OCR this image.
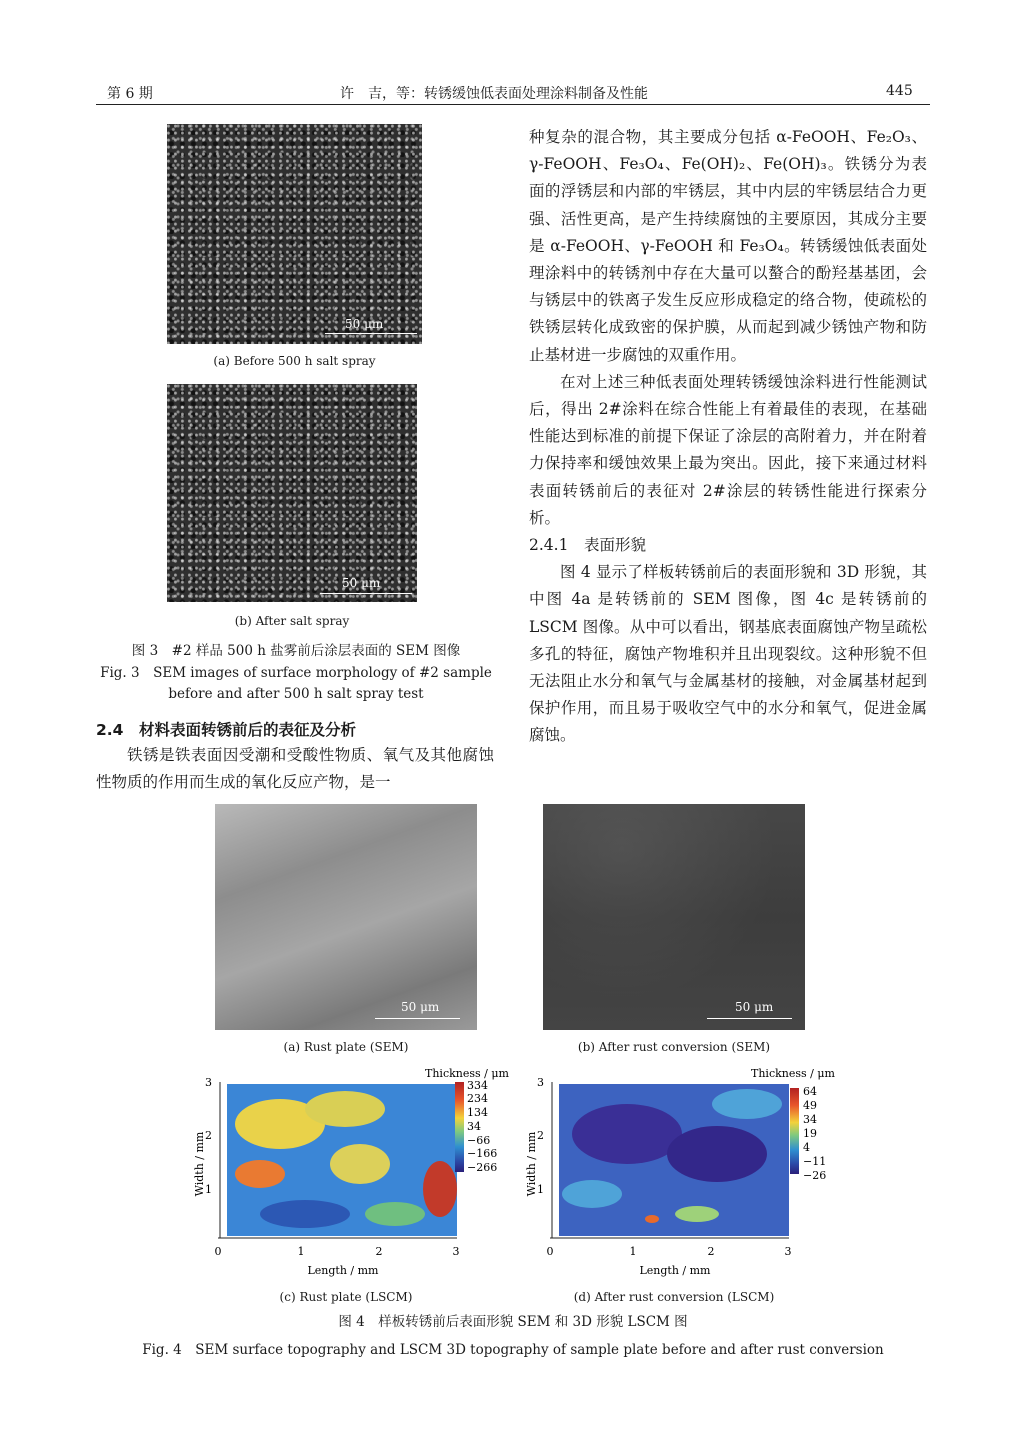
第 6 期	许　吉，等：转锈缓蚀低表面处理涂料制备及性能	445
50 μm
(a) Before 500 h salt spray
50 μm
(b) After salt spray
图 3　#2 样品 500 h 盐雾前后涂层表面的 SEM 图像
Fig. 3　SEM images of surface morphology of #2 sample
before and after 500 h salt spray test
2.4　材料表面转锈前后的表征及分析
铁锈是铁表面因受潮和受酸性物质、氧气及其他腐蚀性物质的作用而生成的氧化反应产物，是一

种复杂的混合物，其主要成分包括 α-FeOOH、Fe₂O₃、γ-FeOOH、Fe₃O₄、Fe(OH)₂、Fe(OH)₃。铁锈分为表面的浮锈层和内部的牢锈层，其中内层的牢锈层结合力更强、活性更高，是产生持续腐蚀的主要原因，其成分主要是 α-FeOOH、γ-FeOOH 和 Fe₃O₄。转锈缓蚀低表面处理涂料中的转锈剂中存在大量可以螯合的酚羟基基团，会与锈层中的铁离子发生反应形成稳定的络合物，使疏松的铁锈层转化成致密的保护膜，从而起到减少锈蚀产物和防止基材进一步腐蚀的双重作用。

在对上述三种低表面处理转锈缓蚀涂料进行性能测试后，得出 2#涂料在综合性能上有着最佳的表现，在基础性能达到标准的前提下保证了涂层的高附着力，并在附着力保持率和缓蚀效果上最为突出。因此，接下来通过材料表面转锈前后的表征对 2#涂层的转锈性能进行探索分析。

2.4.1　表面形貌

图 4 显示了样板转锈前后的表面形貌和 3D 形貌，其中图 4a 是转锈前的 SEM 图像，图 4c 是转锈前的 LSCM 图像。从中可以看出，钢基底表面腐蚀产物呈疏松多孔的特征，腐蚀产物堆积并且出现裂纹。这种形貌不但无法阻止水分和氧气与金属基材的接触，对金属基材起到保护作用，而且易于吸收空气中的水分和氧气，促进金属腐蚀。

50 μm
(a) Rust plate (SEM)
50 μm
(b) After rust conversion (SEM)
3
2
1
0	1	2	3
Length / mm
Width / mm
Thickness / μm
334
234
134
34
−66
−166
−266
(c) Rust plate (LSCM)
3
2
1
0	1	2	3
Length / mm
Width / mm
Thickness / μm
64
49
34
19
4
−11
−26
(d) After rust conversion (LSCM)
图 4　样板转锈前后表面形貌 SEM 和 3D 形貌 LSCM 图
Fig. 4　SEM surface topography and LSCM 3D topography of sample plate before and after rust conversion
